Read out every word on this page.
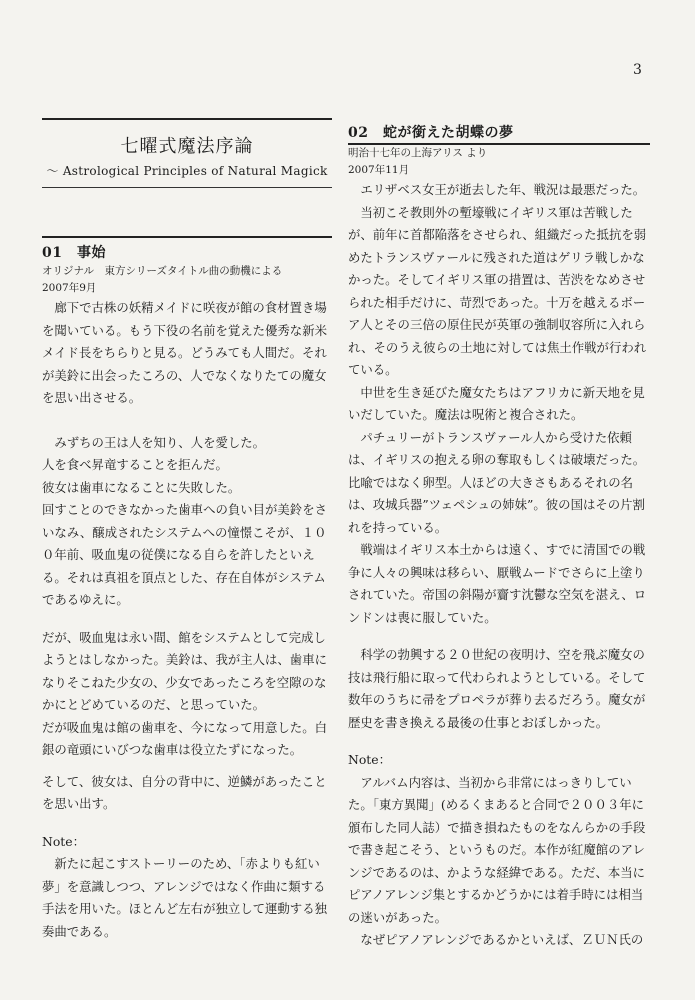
3
七曜式魔法序論
～ Astrological Principles of Natural Magick
01　事始
オリジナル　東方シリーズタイトル曲の動機による
2007年9月

廊下で古株の妖精メイドに咲夜が館の食材置き場を聞いている。もう下役の名前を覚えた優秀な新米メイド長をちらりと見る。どうみても人間だ。それが美鈴に出会ったころの、人でなくなりたての魔女を思い出させる。

みずちの王は人を知り、人を愛した。

人を食べ昇竜することを拒んだ。

彼女は歯車になることに失敗した。

回すことのできなかった歯車への負い目が美鈴をさいなみ、醸成されたシステムへの憧憬こそが、１００年前、吸血鬼の従僕になる自らを許したといえる。それは真祖を頂点とした、存在自体がシステムであるゆえに。

だが、吸血鬼は永い間、館をシステムとして完成しようとはしなかった。美鈴は、我が主人は、歯車になりそこねた少女の、少女であったころを空隙のなかにとどめているのだ、と思っていた。

だが吸血鬼は館の歯車を、今になって用意した。白銀の竜頭にいびつな歯車は役立たずになった。

そして、彼女は、自分の背中に、逆鱗があったことを思い出す。

Note：

新たに起こすストーリーのため、「赤よりも紅い夢」を意識しつつ、アレンジではなく作曲に類する手法を用いた。ほとんど左右が独立して運動する独奏曲である。

02　蛇が銜えた胡蝶の夢
明治十七年の上海アリス より
2007年11月

エリザベス女王が逝去した年、戦況は最悪だった。

当初こそ教則外の塹壕戦にイギリス軍は苦戦したが、前年に首都陥落をさせられ、組織だった抵抗を弱めたトランスヴァールに残された道はゲリラ戦しかなかった。そしてイギリス軍の措置は、苦渋をなめさせられた相手だけに、苛烈であった。十万を越えるボーア人とその三倍の原住民が英軍の強制収容所に入れられ、そのうえ彼らの土地に対しては焦土作戦が行われている。

中世を生き延びた魔女たちはアフリカに新天地を見いだしていた。魔法は呪術と複合された。

パチュリーがトランスヴァール人から受けた依頼は、イギリスの抱える卵の奪取もしくは破壊だった。比喩ではなく卵型。人ほどの大きさもあるそれの名は、攻城兵器”ツェペシュの姉妹”。彼の国はその片割れを持っている。

戦端はイギリス本土からは遠く、すでに清国での戦争に人々の興味は移らい、厭戦ムードでさらに上塗りされていた。帝国の斜陽が齎す沈鬱な空気を湛え、ロンドンは喪に服していた。

科学の勃興する２０世紀の夜明け、空を飛ぶ魔女の技は飛行船に取って代わられようとしている。そして数年のうちに帚をプロペラが葬り去るだろう。魔女が歴史を書き換える最後の仕事とおぼしかった。

Note：

アルバム内容は、当初から非常にはっきりしていた。「東方異聞」(めるくまあると合同で２００３年に頒布した同人誌）で描き損ねたものをなんらかの手段で書き起こそう、というものだ。本作が紅魔館のアレンジであるのは、かような経緯である。ただ、本当にピアノアレンジ集とするかどうかには着手時には相当の迷いがあった。

なぜピアノアレンジであるかといえば、ＺＵＮ氏の
